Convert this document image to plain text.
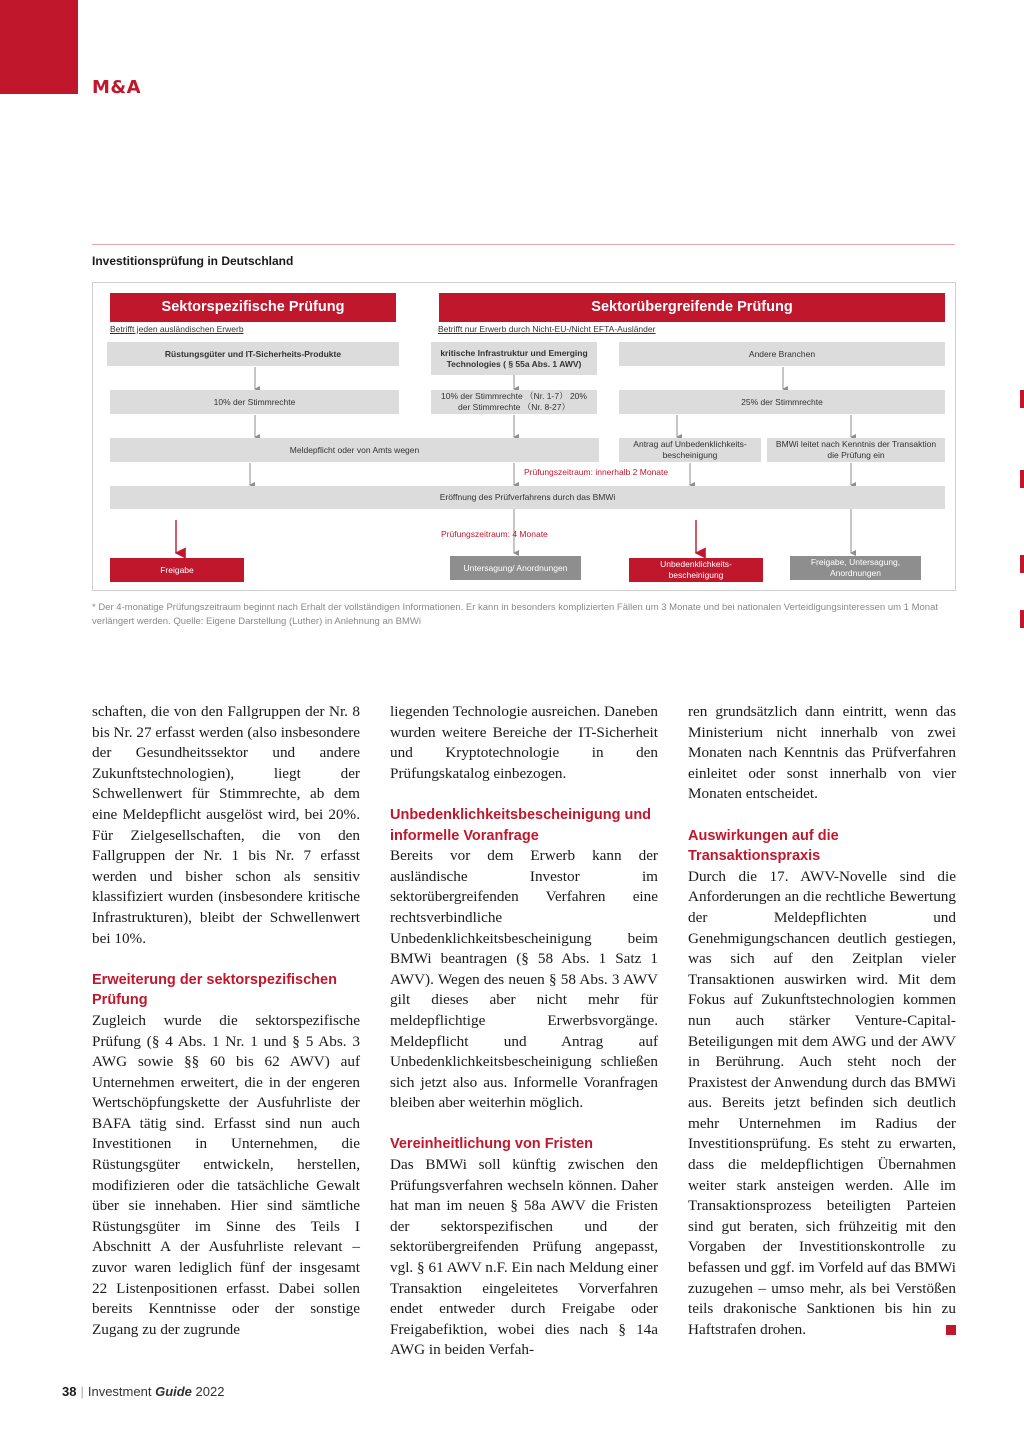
M&A
Investitionsprüfung in Deutschland
Sektorspezifische Prüfung
Betrifft jeden ausländischen Erwerb
Sektorübergreifende Prüfung
Betrifft nur Erwerb durch Nicht-EU-/Nicht EFTA-Ausländer
Rüstungsgüter und IT-Sicherheits-Produkte	kritische Infrastruktur und Emerging Technologies ( § 55a Abs. 1 AWV)
Andere Branchen
10% der Stimmrechte
10% der Stimmrechte （Nr. 1-7） 20% der Stimmrechte （Nr. 8-27）
25% der Stimmrechte
Meldepflicht oder von Amts wegen
Antrag auf Unbedenklichkeits-bescheinigung
BMWi leitet nach Kenntnis der Transaktion die Prüfung ein
Prüfungszeitraum: innerhalb 2 Monate
Eröffnung des Prüfverfahrens durch das BMWi
Prüfungszeitraum: 4 Monate
Freigabe	Untersagung/ Anordnungen	Unbedenklichkeits-bescheinigung
Freigabe, Untersagung, Anordnungen
* Der 4-monatige Prüfungszeitraum beginnt nach Erhalt der vollständigen Informationen. Er kann in besonders komplizierten Fällen um 3 Monate und bei nationalen Verteidigungsinteressen um 1 Monat verlängert werden. Quelle: Eigene Darstellung (Luther) in Anlehnung an BMWi

schaften, die von den Fallgruppen der Nr. 8 bis Nr. 27 erfasst werden (also insbesondere der Gesundheitssektor und andere Zukunftstechnologien), liegt der Schwellenwert für Stimmrechte, ab dem eine Meldepflicht ausgelöst wird, bei 20%. Für Zielgesellschaften, die von den Fallgruppen der Nr. 1 bis Nr. 7 erfasst werden und bisher schon als sensitiv klassifiziert wurden (insbesondere kritische Infrastrukturen), bleibt der Schwellenwert bei 10%.

Erweiterung der sektorspezifischen Prüfung

Zugleich wurde die sektorspezifische Prüfung (§ 4 Abs. 1 Nr. 1 und § 5 Abs. 3 AWG sowie §§ 60 bis 62 AWV) auf Unternehmen erweitert, die in der engeren Wertschöpfungskette der Ausfuhrliste der BAFA tätig sind. Erfasst sind nun auch Investitionen in Unternehmen, die Rüstungsgüter entwickeln, herstellen, modifizieren oder die tatsächliche Gewalt über sie innehaben. Hier sind sämtliche Rüstungsgüter im Sinne des Teils I Abschnitt A der Ausfuhrliste relevant – zuvor waren lediglich fünf der insgesamt 22 Listenpositionen erfasst. Dabei sollen bereits Kenntnisse oder der sonstige Zugang zu der zugrunde

liegenden Technologie ausreichen. Daneben wurden weitere Bereiche der IT-Sicherheit und Kryptotechnologie in den Prüfungskatalog einbezogen.

Unbedenklichkeitsbescheinigung und informelle Voranfrage

Bereits vor dem Erwerb kann der ausländische Investor im sektorübergreifenden Verfahren eine rechtsverbindliche Unbedenklichkeitsbescheinigung beim BMWi beantragen (§ 58 Abs. 1 Satz 1 AWV). Wegen des neuen § 58 Abs. 3 AWV gilt dieses aber nicht mehr für meldepflichtige Erwerbsvorgänge. Meldepflicht und Antrag auf Unbedenklichkeitsbescheinigung schließen sich jetzt also aus. Informelle Voranfragen bleiben aber weiterhin möglich.

Vereinheitlichung von Fristen

Das BMWi soll künftig zwischen den Prüfungsverfahren wechseln können. Daher hat man im neuen § 58a AWV die Fristen der sektorspezifischen und der sektorübergreifenden Prüfung angepasst, vgl. § 61 AWV n.F. Ein nach Meldung einer Transaktion eingeleitetes Vorverfahren endet entweder durch Freigabe oder Freigabefiktion, wobei dies nach § 14a AWG in beiden Verfah-

ren grundsätzlich dann eintritt, wenn das Ministerium nicht innerhalb von zwei Monaten nach Kenntnis das Prüfverfahren einleitet oder sonst innerhalb von vier Monaten entscheidet.

Auswirkungen auf die Transaktionspraxis

Durch die 17. AWV-Novelle sind die Anforderungen an die rechtliche Bewertung der Meldepflichten und Genehmigungschancen deutlich gestiegen, was sich auf den Zeitplan vieler Transaktionen auswirken wird. Mit dem Fokus auf Zukunftstechnologien kommen nun auch stärker Venture-Capital-Beteiligungen mit dem AWG und der AWV in Berührung. Auch steht noch der Praxistest der Anwendung durch das BMWi aus. Bereits jetzt befinden sich deutlich mehr Unternehmen im Radius der Investitionsprüfung. Es steht zu erwarten, dass die meldepflichtigen Übernahmen weiter stark ansteigen werden. Alle im Transaktionsprozess beteiligten Parteien sind gut beraten, sich frühzeitig mit den Vorgaben der Investitionskontrolle zu befassen und ggf. im Vorfeld auf das BMWi zuzugehen – umso mehr, als bei Verstößen teils drakonische Sanktionen bis hin zu Haftstrafen drohen.

38 | Investment Guide 2022
